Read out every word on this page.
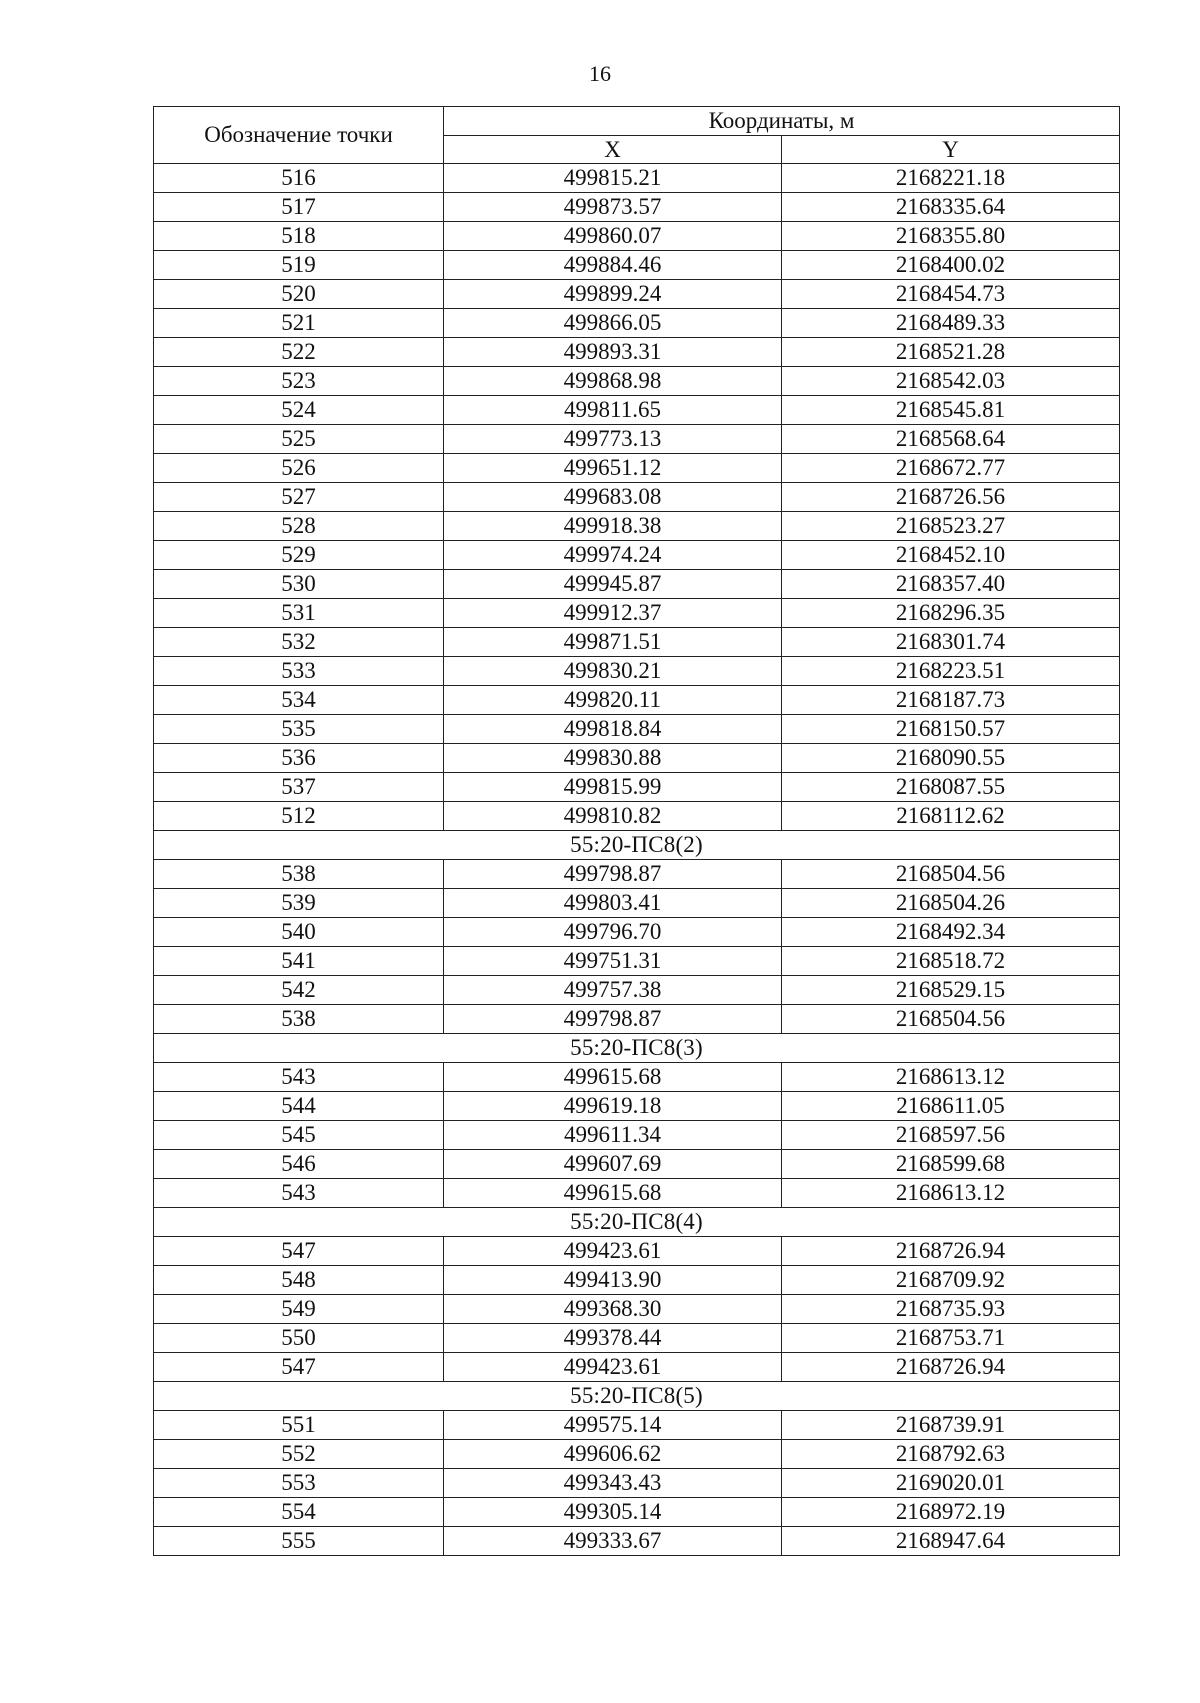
16
Обозначение точки	Координаты, м	
	X	Y
516	499815.21	2168221.18
517	499873.57	2168335.64
518	499860.07	2168355.80
519	499884.46	2168400.02
520	499899.24	2168454.73
521	499866.05	2168489.33
522	499893.31	2168521.28
523	499868.98	2168542.03
524	499811.65	2168545.81
525	499773.13	2168568.64
526	499651.12	2168672.77
527	499683.08	2168726.56
528	499918.38	2168523.27
529	499974.24	2168452.10
530	499945.87	2168357.40
531	499912.37	2168296.35
532	499871.51	2168301.74
533	499830.21	2168223.51
534	499820.11	2168187.73
535	499818.84	2168150.57
536	499830.88	2168090.55
537	499815.99	2168087.55
512	499810.82	2168112.62
55:20-ПС8(2)		
538	499798.87	2168504.56
539	499803.41	2168504.26
540	499796.70	2168492.34
541	499751.31	2168518.72
542	499757.38	2168529.15
538	499798.87	2168504.56
55:20-ПС8(3)		
543	499615.68	2168613.12
544	499619.18	2168611.05
545	499611.34	2168597.56
546	499607.69	2168599.68
543	499615.68	2168613.12
55:20-ПС8(4)		
547	499423.61	2168726.94
548	499413.90	2168709.92
549	499368.30	2168735.93
550	499378.44	2168753.71
547	499423.61	2168726.94
55:20-ПС8(5)		
551	499575.14	2168739.91
552	499606.62	2168792.63
553	499343.43	2169020.01
554	499305.14	2168972.19
555	499333.67	2168947.64
